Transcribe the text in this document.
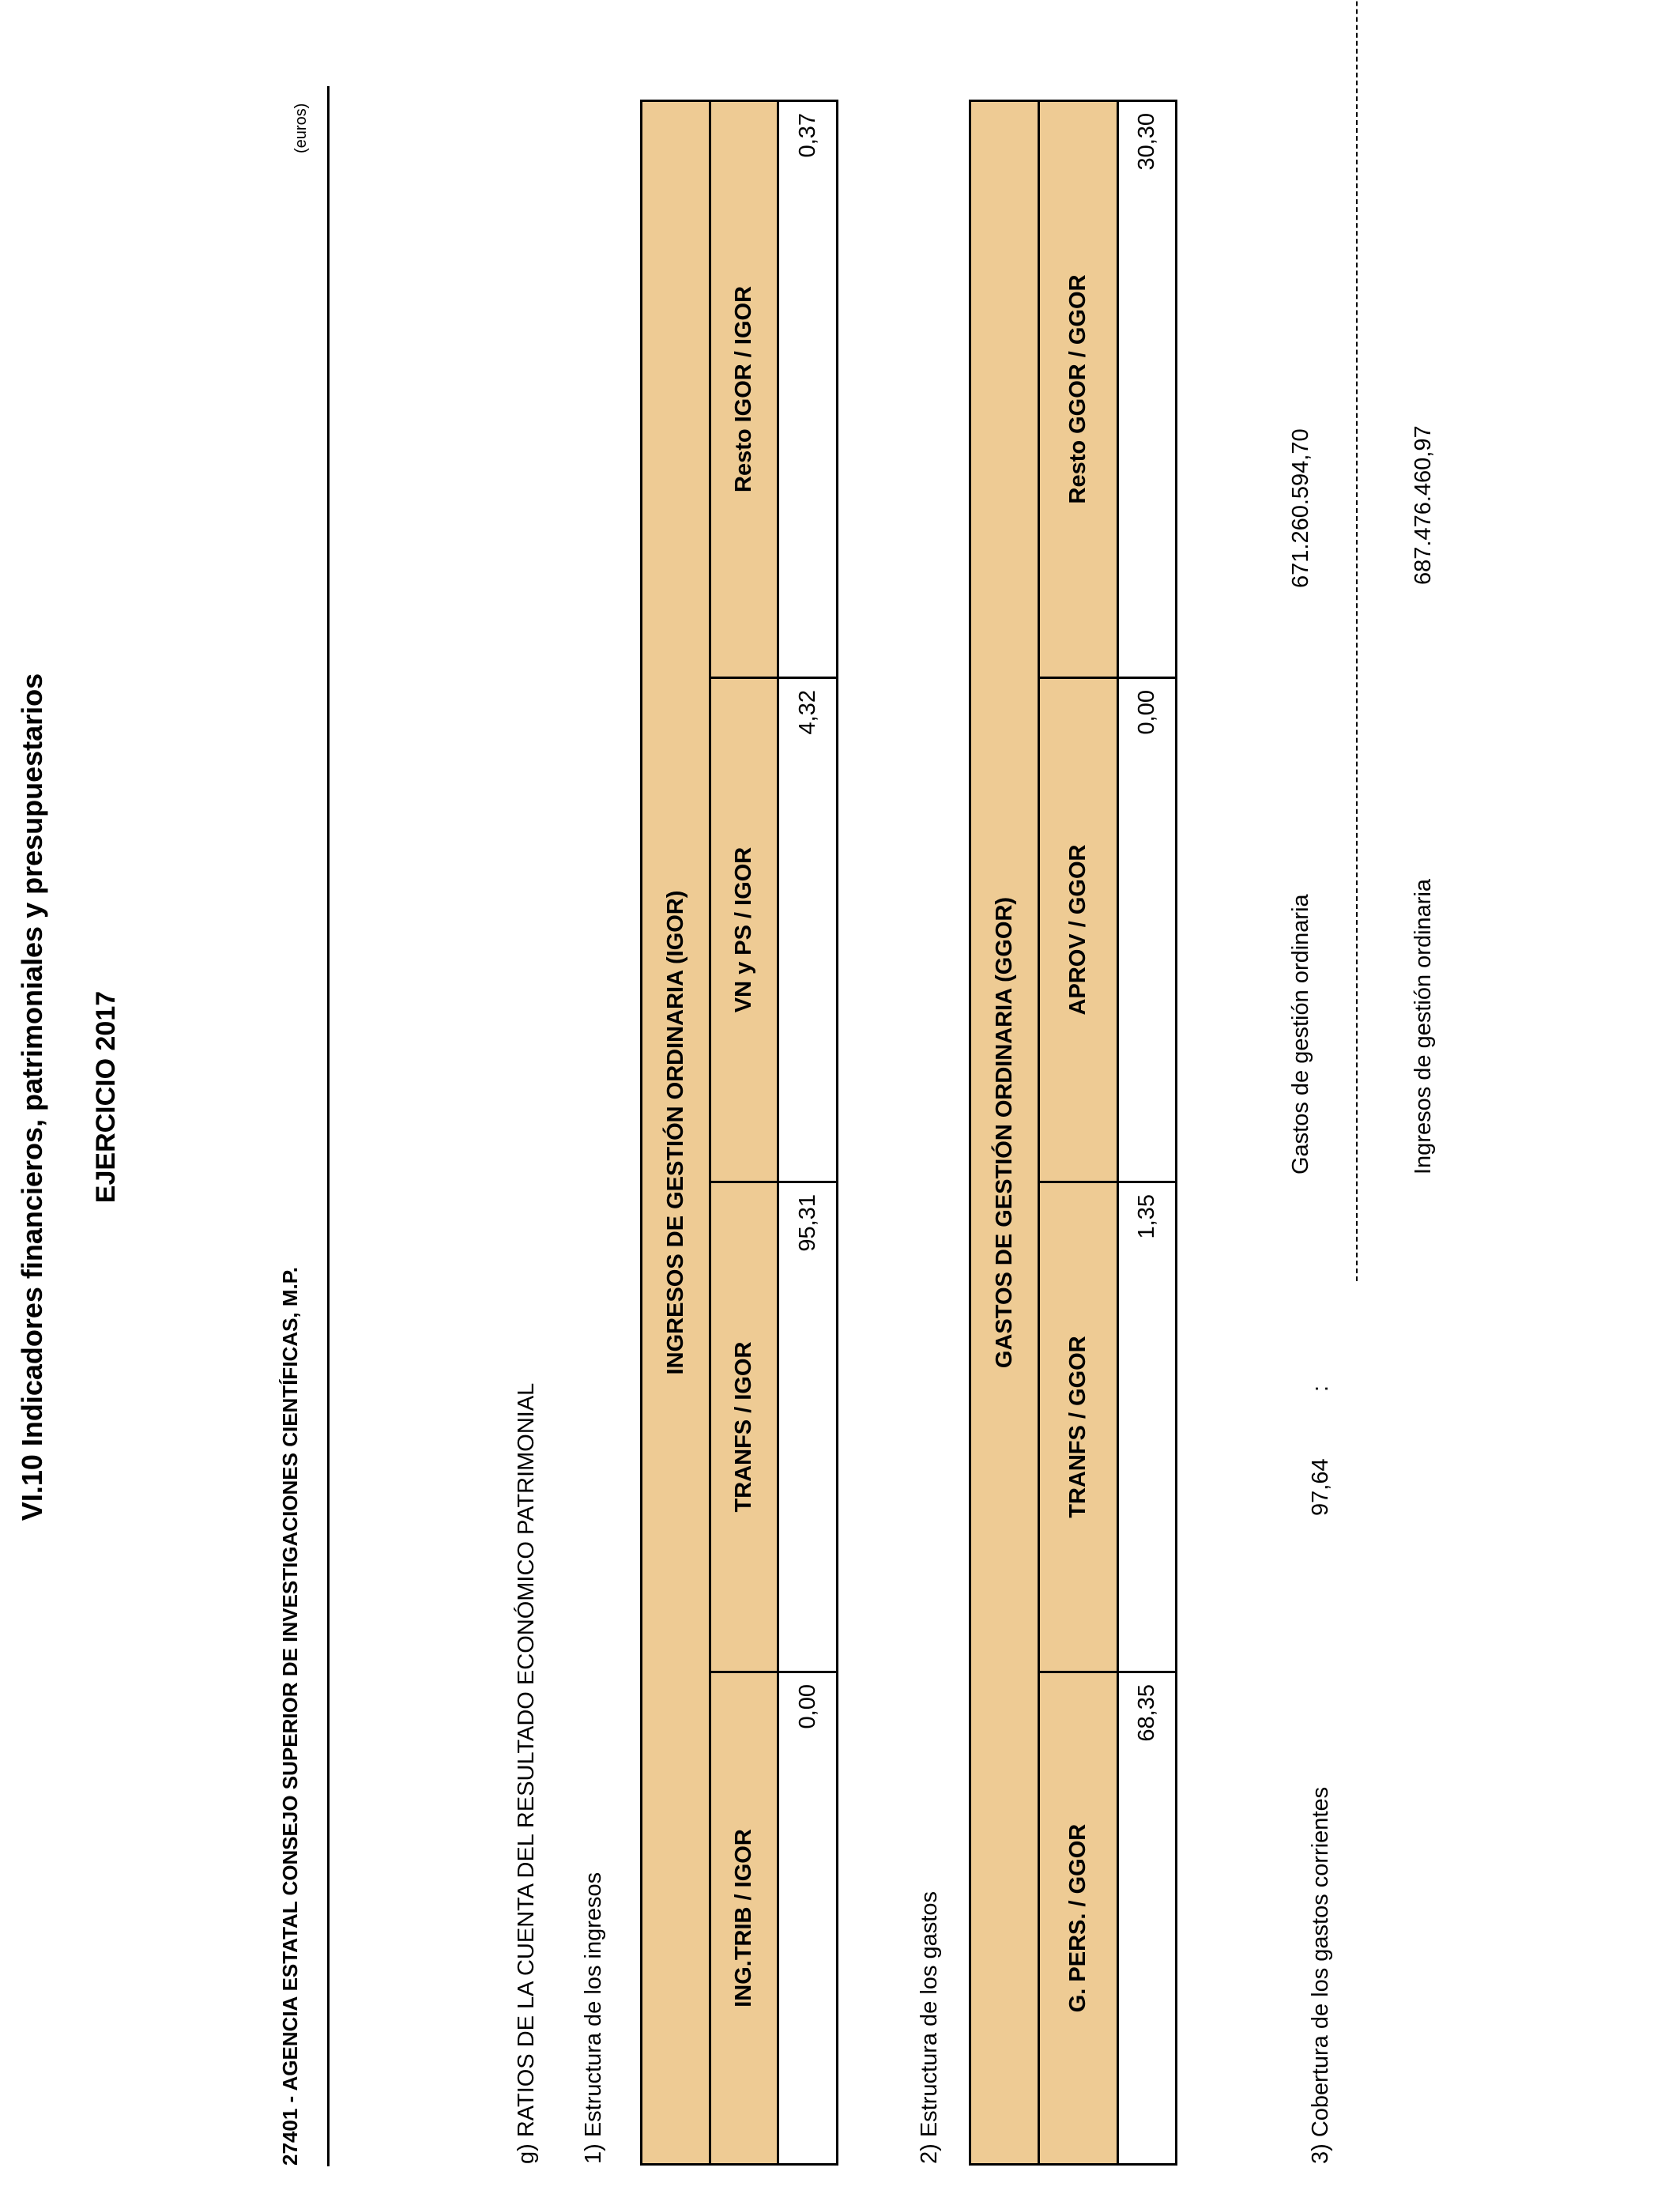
VI.10 Indicadores financieros, patrimoniales y presupuestarios EJERCICIO 2017
27401 - AGENCIA ESTATAL CONSEJO SUPERIOR DE INVESTIGACIONES CIENTÍFICAS, M.P.
(euros)
g) RATIOS DE LA CUENTA DEL RESULTADO ECONÓMICO PATRIMONIAL 1) Estructura de los ingresos
INGRESOS DE GESTIÓN ORDINARIA (IGOR)			
ING.TRIB / IGOR	TRANFS / IGOR	VN y PS / IGOR	Resto IGOR / IGOR
0,00	95,31	4,32	0,37
2) Estructura de los gastos
GASTOS DE GESTIÓN ORDINARIA (GGOR)			
G. PERS. / GGOR	TRANFS / GGOR	APROV / GGOR	Resto GGOR / GGOR
68,35	1,35	0,00	30,30
3) Cobertura de los gastos corrientes
97,64
:
Gastos de gestión ordinaria
671.260.594,70
Ingresos de gestión ordinaria
687.476.460,97
